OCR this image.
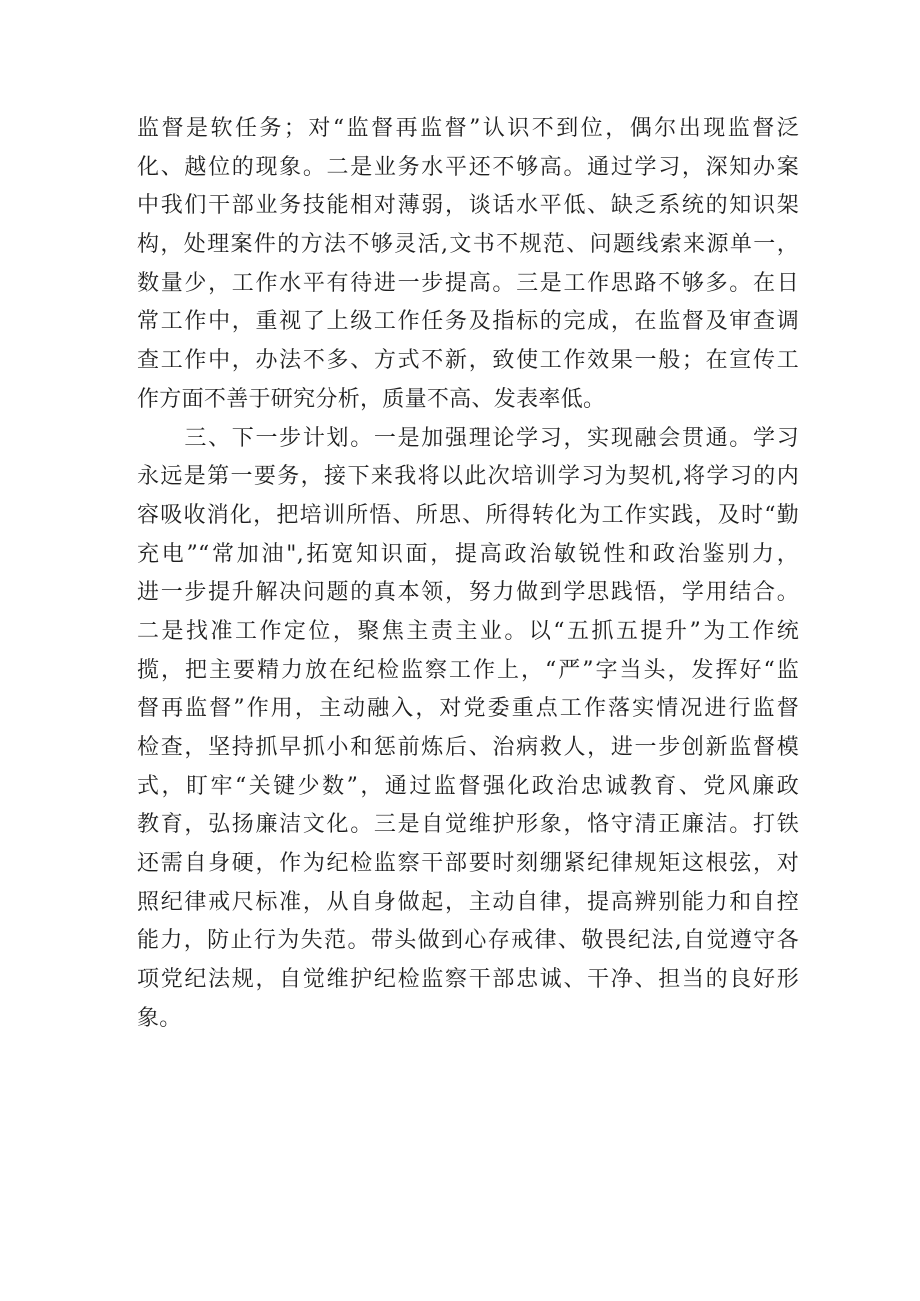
监督是软任务；对“监督再监督”认识不到位，偶尔出现监督泛
化、越位的现象。二是业务水平还不够高。通过学习，深知办案
中我们干部业务技能相对薄弱，谈话水平低、缺乏系统的知识架
构，处理案件的方法不够灵活,文书不规范、问题线索来源单一，
数量少，工作水平有待进一步提高。三是工作思路不够多。在日
常工作中，重视了上级工作任务及指标的完成，在监督及审查调
查工作中，办法不多、方式不新，致使工作效果一般；在宣传工
作方面不善于研究分析，质量不高、发表率低。
　　三、下一步计划。一是加强理论学习，实现融会贯通。学习
永远是第一要务，接下来我将以此次培训学习为契机,将学习的内
容吸收消化，把培训所悟、所思、所得转化为工作实践，及时“勤
充电”“常加油",拓宽知识面，提高政治敏锐性和政治鉴别力，
进一步提升解决问题的真本领，努力做到学思践悟，学用结合。
二是找准工作定位，聚焦主责主业。以“五抓五提升”为工作统
揽，把主要精力放在纪检监察工作上，“严”字当头，发挥好“监
督再监督”作用，主动融入，对党委重点工作落实情况进行监督
检查，坚持抓早抓小和惩前炼后、治病救人，进一步创新监督模
式，盯牢“关键少数”，通过监督强化政治忠诚教育、党风廉政
教育，弘扬廉洁文化。三是自觉维护形象，恪守清正廉洁。打铁
还需自身硬，作为纪检监察干部要时刻绷紧纪律规矩这根弦，对
照纪律戒尺标准，从自身做起，主动自律，提高辨别能力和自控
能力，防止行为失范。带头做到心存戒律、敬畏纪法,自觉遵守各
项党纪法规，自觉维护纪检监察干部忠诚、干净、担当的良好形
象。
